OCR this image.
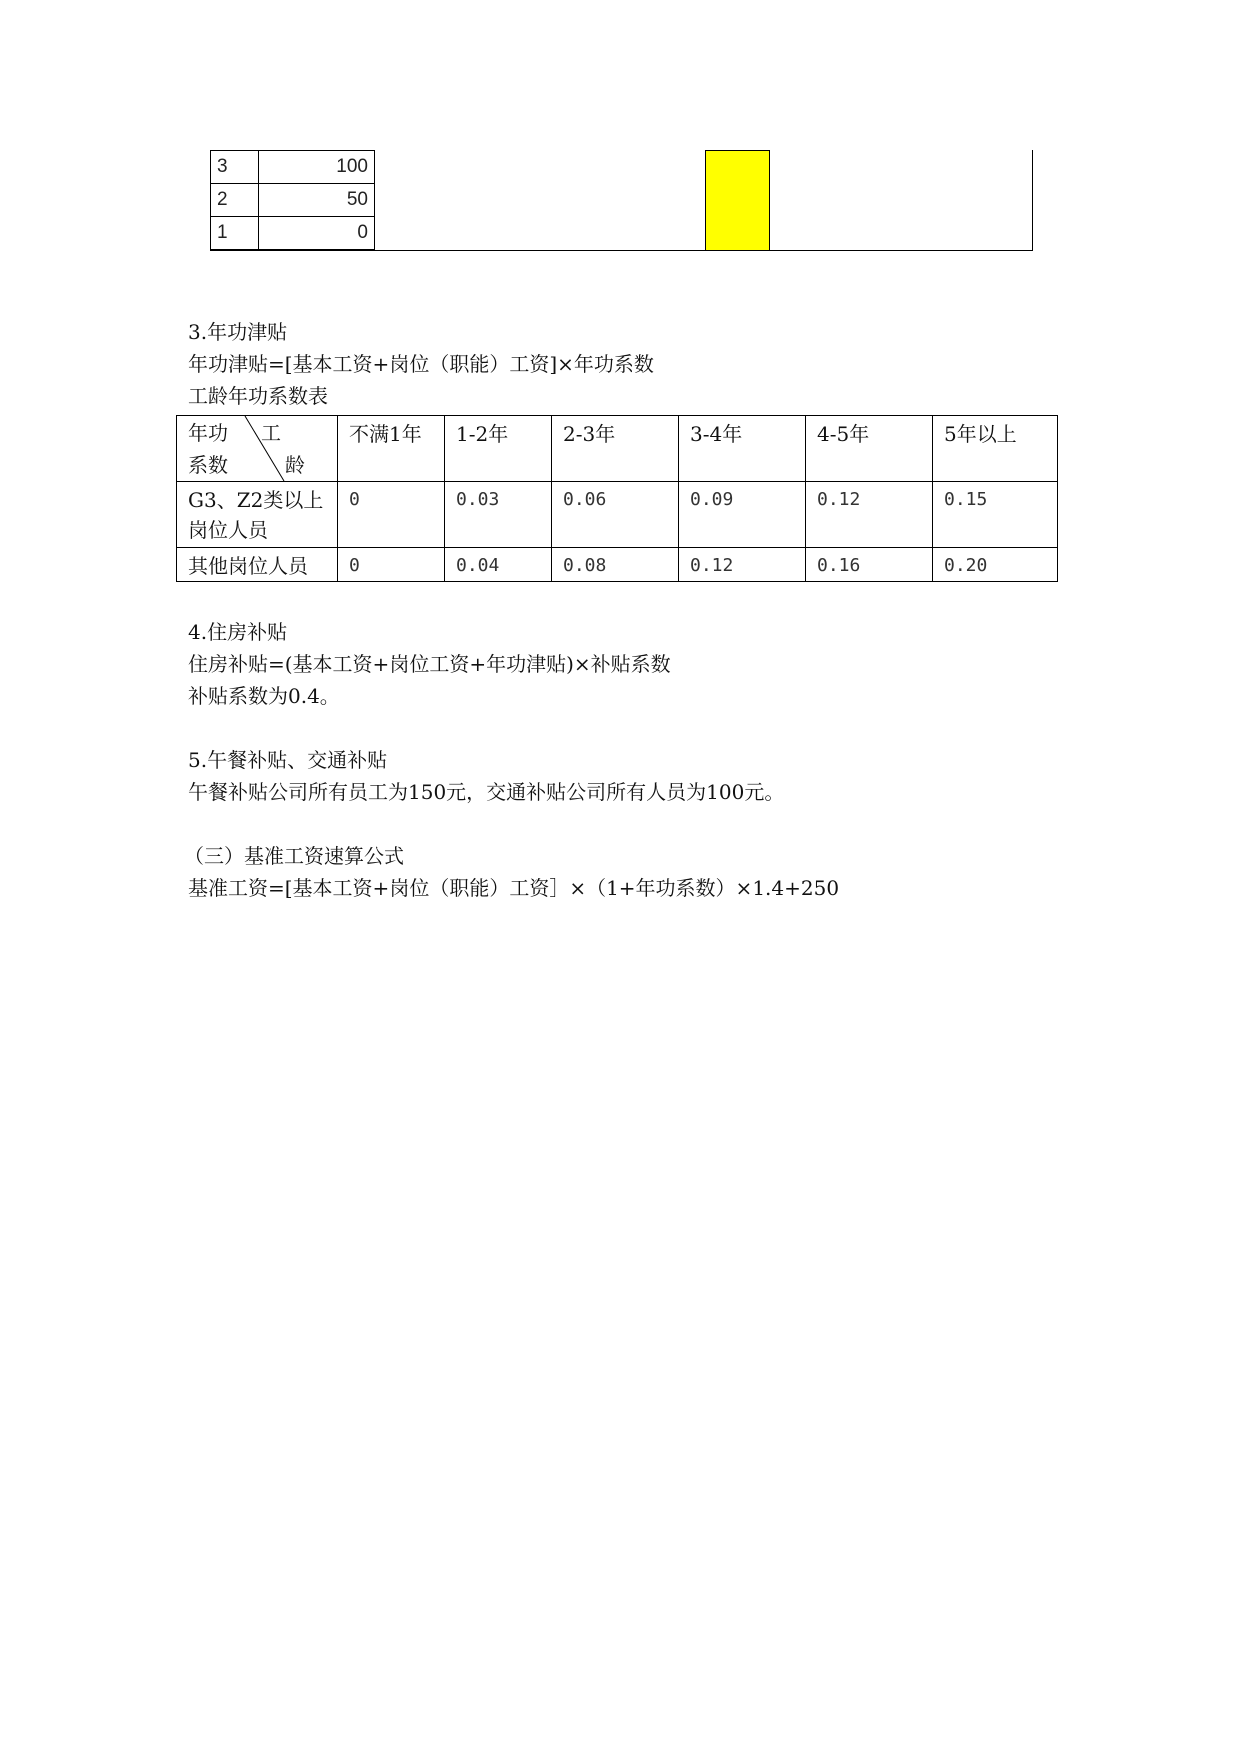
3	100
2	50
1	0
3.年功津贴
年功津贴=[基本工资+岗位（职能）工资]×年功系数
工龄年功系数表
年功 工
系数 龄	不满1年	1-2年	2-3年	3-4年	4-5年	5年以上

G3、Z2类以上
岗位人员	0	0.03	0.06	0.09	0.12	0.15

其他岗位人员	0	0.04	0.08	0.12	0.16	0.20
4.住房补贴
住房补贴=(基本工资+岗位工资+年功津贴)×补贴系数
补贴系数为0.4。
5.午餐补贴、交通补贴
午餐补贴公司所有员工为150元，交通补贴公司所有人员为100元。
（三）基准工资速算公式
基准工资=[基本工资+岗位（职能）工资］×（1+年功系数）×1.4+250
